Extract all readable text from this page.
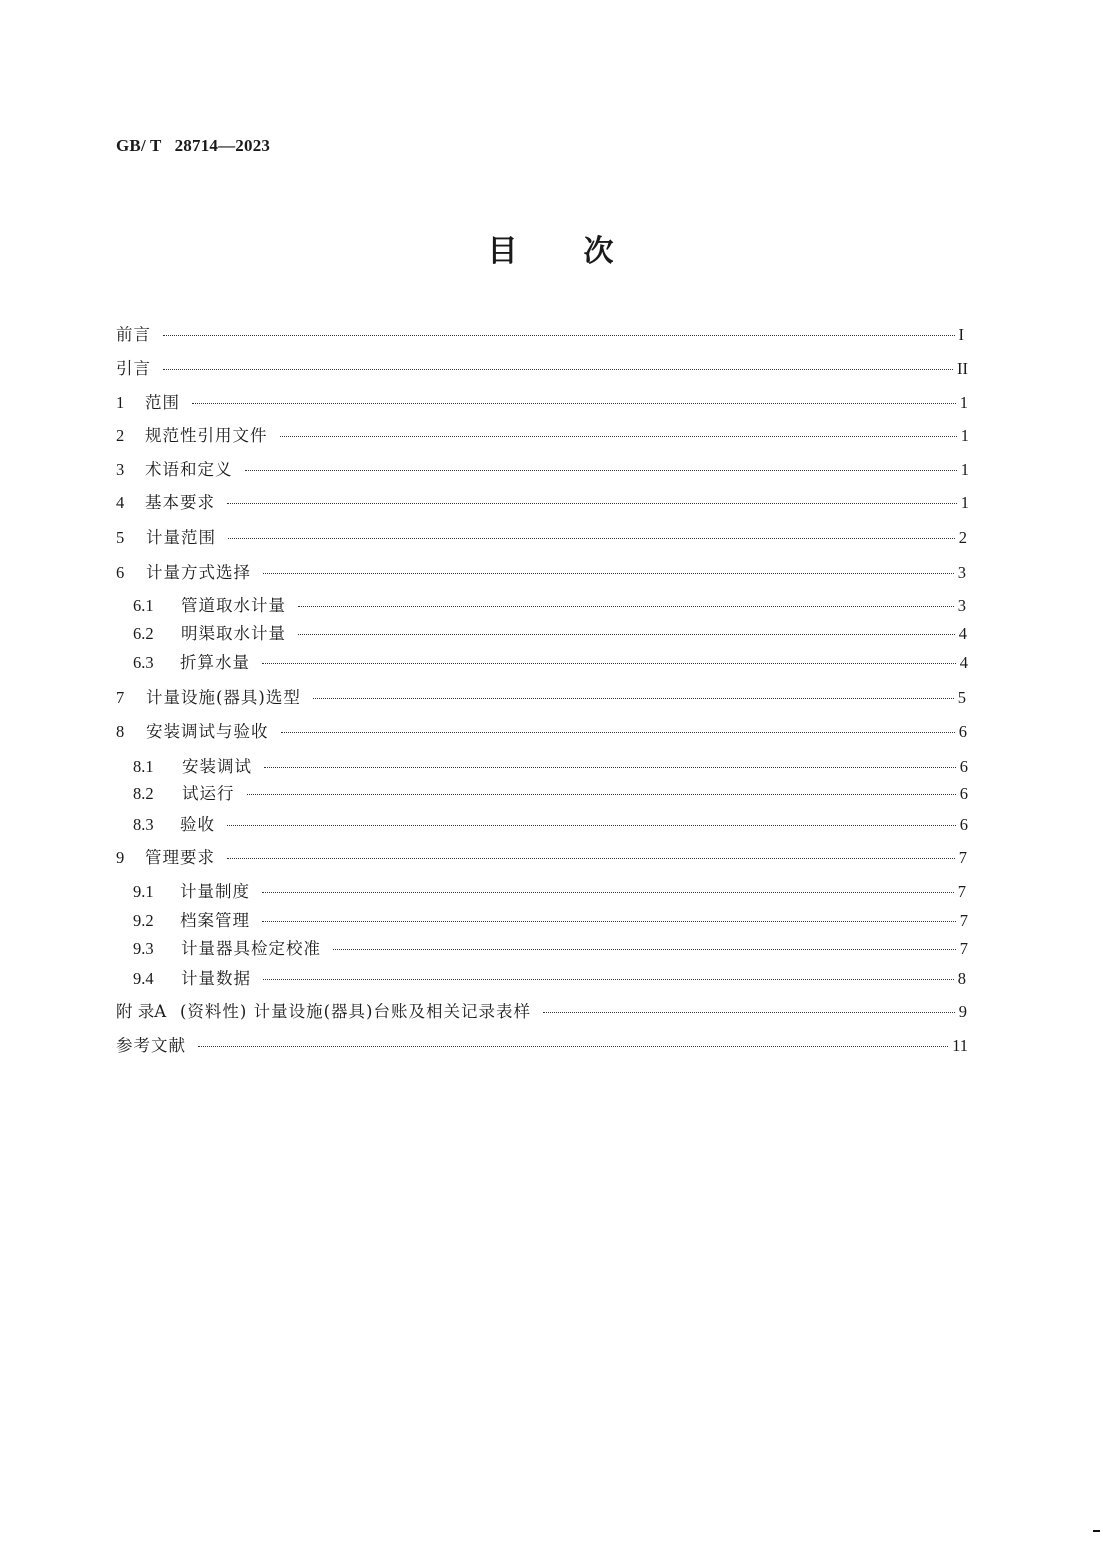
GB/ T   28714—2023
目　　次
前言	I
引言	II
1	范围	1
2	规范性引用文件	1
3	术语和定义	1
4	基本要求	1
5	计量范围	2
6	计量方式选择	3
6.1	管道取水计量	3
6.2	明渠取水计量	4
6.3	折算水量	4
7	计量设施(器具)选型	5
8	安装调试与验收	6
8.1	安装调试	6
8.2	试运行	6
8.3	验收	6
9	管理要求	7
9.1	计量制度	7
9.2	档案管理	7
9.3	计量器具检定校准	7
9.4	计量数据	8
附 录A (资料性) 计量设施(器具)台账及相关记录表样	9
参考文献	11
